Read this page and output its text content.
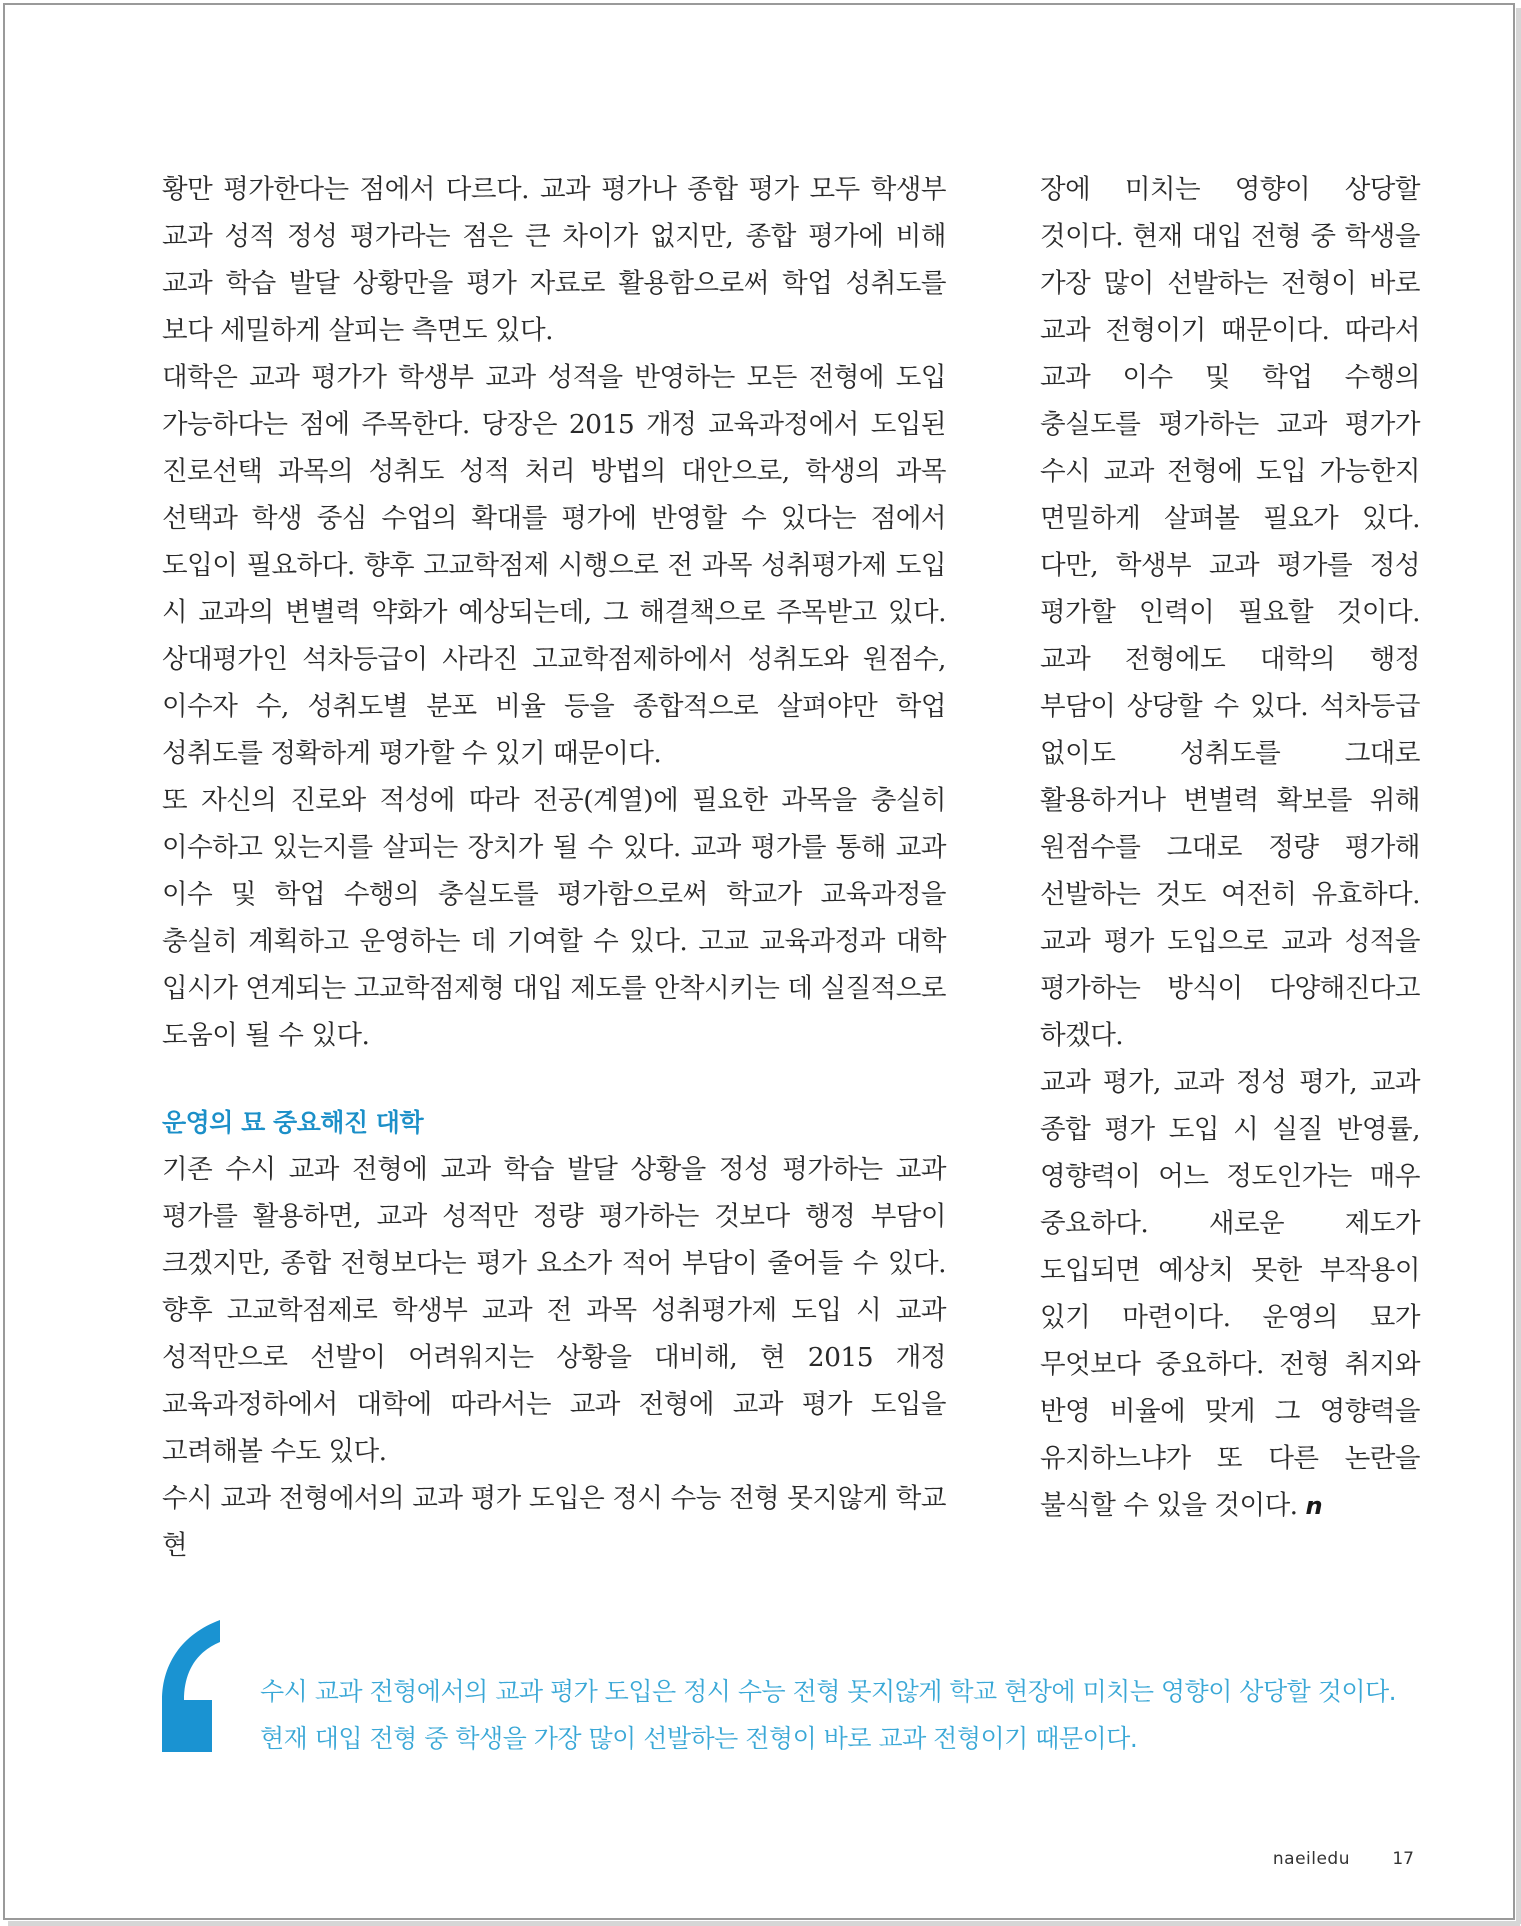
황만 평가한다는 점에서 다르다. 교과 평가나 종합 평가 모두 학생부 교과 성적 정성 평가라는 점은 큰 차이가 없지만, 종합 평가에 비해 교과 학습 발달 상황만을 평가 자료로 활용함으로써 학업 성취도를 보다 세밀하게 살피는 측면도 있다.

대학은 교과 평가가 학생부 교과 성적을 반영하는 모든 전형에 도입 가능하다는 점에 주목한다. 당장은 2015 개정 교육과정에서 도입된 진로선택 과목의 성취도 성적 처리 방법의 대안으로, 학생의 과목 선택과 학생 중심 수업의 확대를 평가에 반영할 수 있다는 점에서 도입이 필요하다. 향후 고교학점제 시행으로 전 과목 성취평가제 도입 시 교과의 변별력 약화가 예상되는데, 그 해결책으로 주목받고 있다. 상대평가인 석차등급이 사라진 고교학점제하에서 성취도와 원점수, 이수자 수, 성취도별 분포 비율 등을 종합적으로 살펴야만 학업 성취도를 정확하게 평가할 수 있기 때문이다.

또 자신의 진로와 적성에 따라 전공(계열)에 필요한 과목을 충실히 이수하고 있는지를 살피는 장치가 될 수 있다. 교과 평가를 통해 교과 이수 및 학업 수행의 충실도를 평가함으로써 학교가 교육과정을 충실히 계획하고 운영하는 데 기여할 수 있다. 고교 교육과정과 대학 입시가 연계되는 고교학점제형 대입 제도를 안착시키는 데 실질적으로 도움이 될 수 있다.

운영의 묘 중요해진 대학

기존 수시 교과 전형에 교과 학습 발달 상황을 정성 평가하는 교과 평가를 활용하면, 교과 성적만 정량 평가하는 것보다 행정 부담이 크겠지만, 종합 전형보다는 평가 요소가 적어 부담이 줄어들 수 있다. 향후 고교학점제로 학생부 교과 전 과목 성취평가제 도입 시 교과 성적만으로 선발이 어려워지는 상황을 대비해, 현 2015 개정 교육과정하에서 대학에 따라서는 교과 전형에 교과 평가 도입을 고려해볼 수도 있다.

수시 교과 전형에서의 교과 평가 도입은 정시 수능 전형 못지않게 학교 현

장에 미치는 영향이 상당할 것이다. 현재 대입 전형 중 학생을 가장 많이 선발하는 전형이 바로 교과 전형이기 때문이다. 따라서 교과 이수 및 학업 수행의 충실도를 평가하는 교과 평가가 수시 교과 전형에 도입 가능한지 면밀하게 살펴볼 필요가 있다. 다만, 학생부 교과 평가를 정성 평가할 인력이 필요할 것이다. 교과 전형에도 대학의 행정 부담이 상당할 수 있다. 석차등급 없이도 성취도를 그대로 활용하거나 변별력 확보를 위해 원점수를 그대로 정량 평가해 선발하는 것도 여전히 유효하다. 교과 평가 도입으로 교과 성적을 평가하는 방식이 다양해진다고 하겠다.

교과 평가, 교과 정성 평가, 교과 종합 평가 도입 시 실질 반영률, 영향력이 어느 정도인가는 매우 중요하다. 새로운 제도가 도입되면 예상치 못한 부작용이 있기 마련이다. 운영의 묘가 무엇보다 중요하다. 전형 취지와 반영 비율에 맞게 그 영향력을 유지하느냐가 또 다른 논란을 불식할 수 있을 것이다. n

수시 교과 전형에서의 교과 평가 도입은 정시 수능 전형 못지않게 학교 현장에 미치는 영향이 상당할 것이다. 현재 대입 전형 중 학생을 가장 많이 선발하는 전형이 바로 교과 전형이기 때문이다.

naeiledu 17
